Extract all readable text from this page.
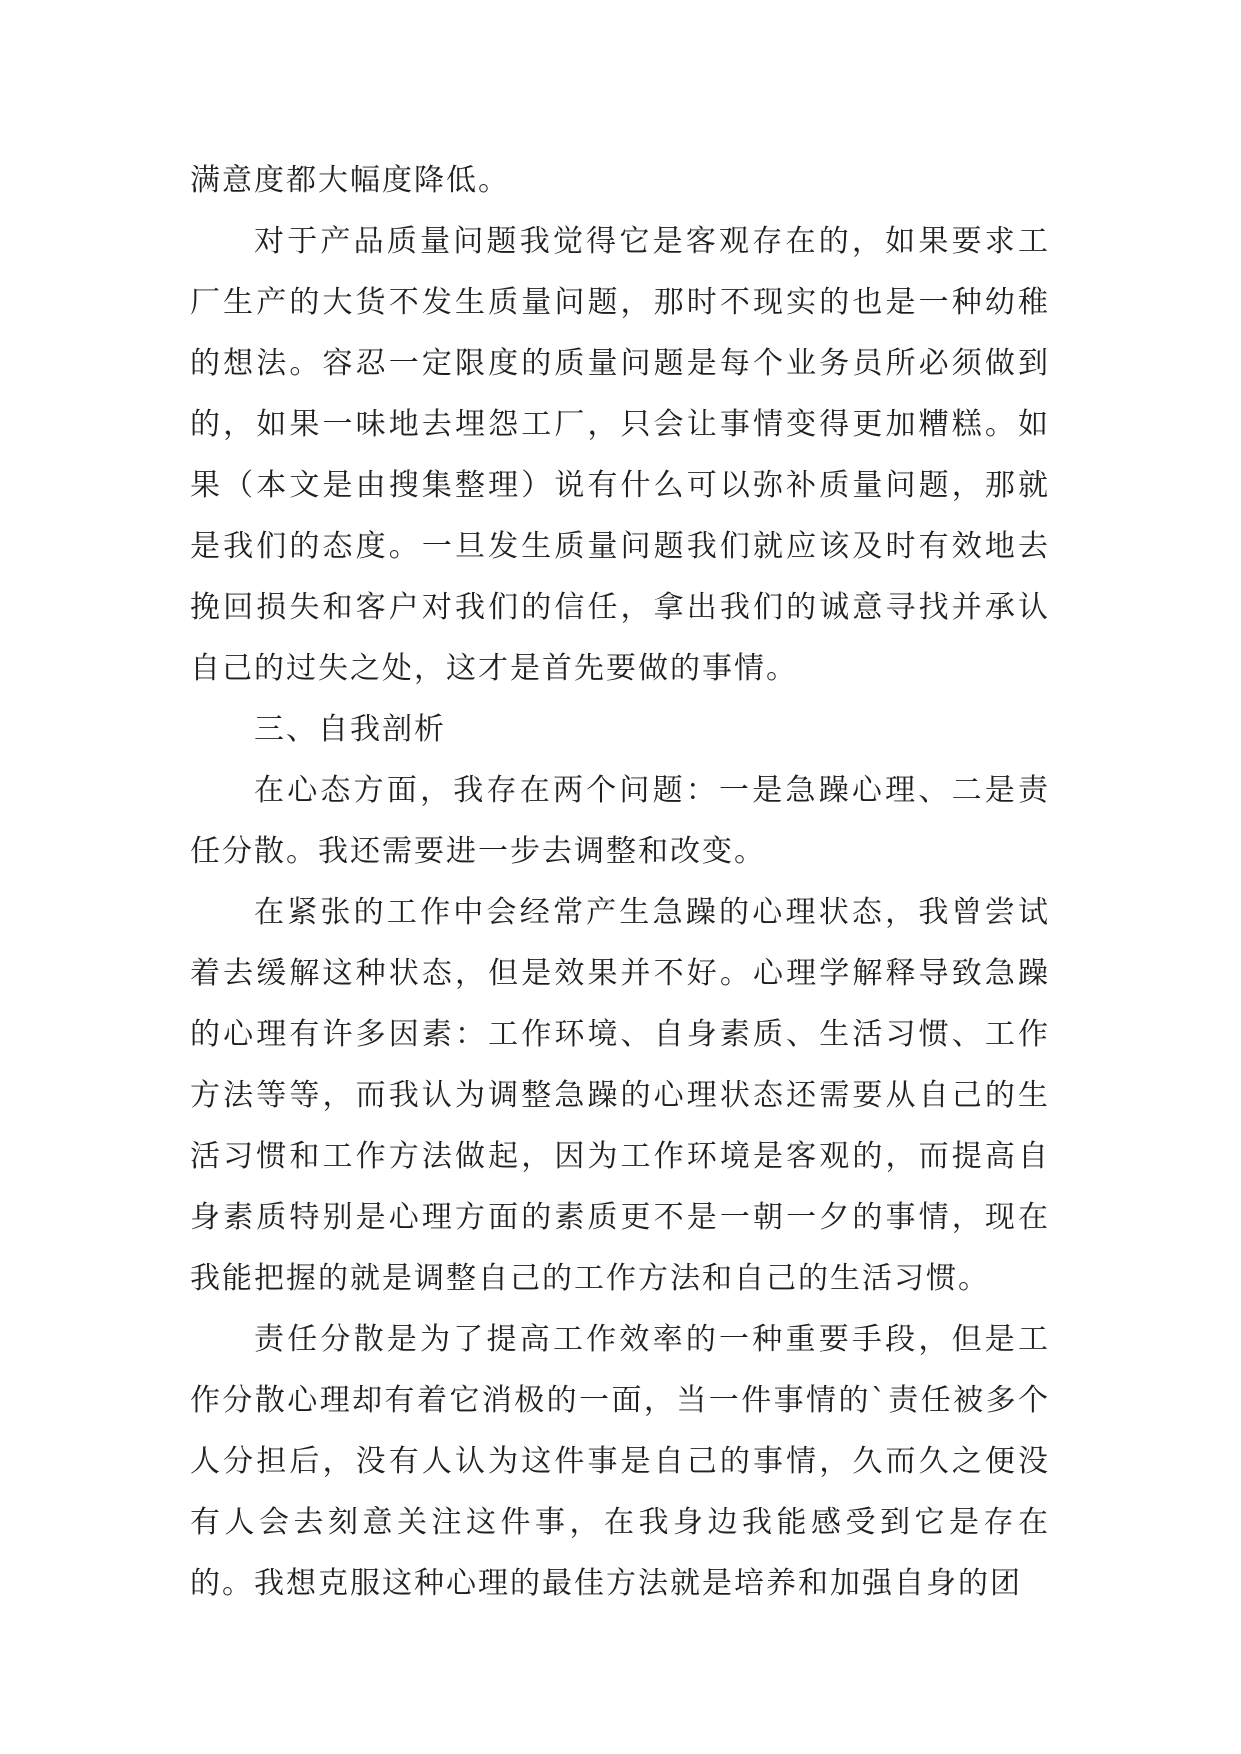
满意度都大幅度降低。

对于产品质量问题我觉得它是客观存在的，如果要求工厂生产的大货不发生质量问题，那时不现实的也是一种幼稚的想法。容忍一定限度的质量问题是每个业务员所必须做到的，如果一味地去埋怨工厂，只会让事情变得更加糟糕。如果（本文是由搜集整理）说有什么可以弥补质量问题，那就是我们的态度。一旦发生质量问题我们就应该及时有效地去挽回损失和客户对我们的信任，拿出我们的诚意寻找并承认自己的过失之处，这才是首先要做的事情。

三、自我剖析

在心态方面，我存在两个问题：一是急躁心理、二是责任分散。我还需要进一步去调整和改变。

在紧张的工作中会经常产生急躁的心理状态，我曾尝试着去缓解这种状态，但是效果并不好。心理学解释导致急躁的心理有许多因素：工作环境、自身素质、生活习惯、工作方法等等，而我认为调整急躁的心理状态还需要从自己的生活习惯和工作方法做起，因为工作环境是客观的，而提高自身素质特别是心理方面的素质更不是一朝一夕的事情，现在我能把握的就是调整自己的工作方法和自己的生活习惯。

责任分散是为了提高工作效率的一种重要手段，但是工作分散心理却有着它消极的一面，当一件事情的`责任被多个人分担后，没有人认为这件事是自己的事情，久而久之便没有人会去刻意关注这件事，在我身边我能感受到它是存在的。我想克服这种心理的最佳方法就是培养和加强自身的团
